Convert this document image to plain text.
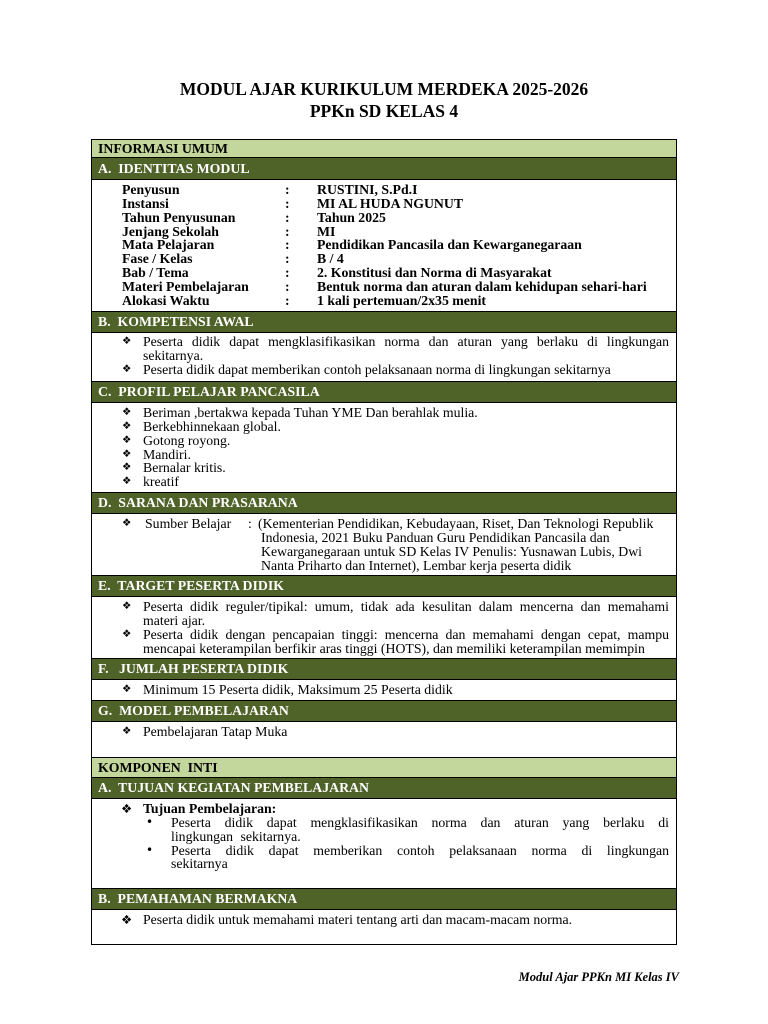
MODUL AJAR KURIKULUM MERDEKA 2025-2026
PPKn SD KELAS 4
INFORMASI UMUM
A.  IDENTITAS MODUL
Penyusun	:	RUSTINI, S.Pd.I
Instansi	:	MI AL HUDA NGUNUT
Tahun Penyusunan	:	Tahun 2025
Jenjang Sekolah	:	MI
Mata Pelajaran	:	Pendidikan Pancasila dan Kewarganegaraan
Fase / Kelas	:	B / 4
Bab / Tema	:	2. Konstitusi dan Norma di Masyarakat
Materi Pembelajaran	:	Bentuk norma dan aturan dalam kehidupan sehari-hari
Alokasi Waktu	:	1 kali pertemuan/2x35 menit
B.  KOMPETENSI AWAL
❖
Peserta didik dapat mengklasifikasikan norma dan aturan yang berlaku di lingkungan sekitarnya.
❖
Peserta didik dapat memberikan contoh pelaksanaan norma di lingkungan sekitarnya
C.  PROFIL PELAJAR PANCASILA
❖
Beriman ,bertakwa kepada Tuhan YME Dan berahlak mulia.
❖
Berkebhinnekaan global.
❖
Gotong royong.
❖
Mandiri.
❖
Bernalar kritis.
❖
kreatif
D.  SARANA DAN PRASARANA
❖
Sumber Belajar : (Kementerian Pendidikan, Kebudayaan, Riset, Dan Teknologi Republik Indonesia, 2021 Buku Panduan Guru Pendidikan Pancasila dan Kewarganegaraan untuk SD Kelas IV Penulis: Yusnawan Lubis, Dwi Nanta Priharto dan Internet), Lembar kerja peserta didik
E.  TARGET PESERTA DIDIK
❖
Peserta didik reguler/tipikal: umum, tidak ada kesulitan dalam mencerna dan memahami materi ajar.
❖
Peserta didik dengan pencapaian tinggi: mencerna dan memahami dengan cepat, mampu mencapai keterampilan berfikir aras tinggi (HOTS), dan memiliki keterampilan memimpin
F.   JUMLAH PESERTA DIDIK
❖
Minimum 15 Peserta didik, Maksimum 25 Peserta didik
G.  MODEL PEMBELAJARAN
❖
Pembelajaran Tatap Muka
KOMPONEN  INTI
A.  TUJUAN KEGIATAN PEMBELAJARAN
❖
Tujuan Pembelajaran:
•
Peserta didik dapat mengklasifikasikan norma dan aturan yang berlaku di lingkungan sekitarnya.
•
Peserta didik dapat memberikan contoh pelaksanaan norma di lingkungan sekitarnya
B.  PEMAHAMAN BERMAKNA
❖
Peserta didik untuk memahami materi tentang arti dan macam-macam norma.
Modul Ajar PPKn MI Kelas IV
